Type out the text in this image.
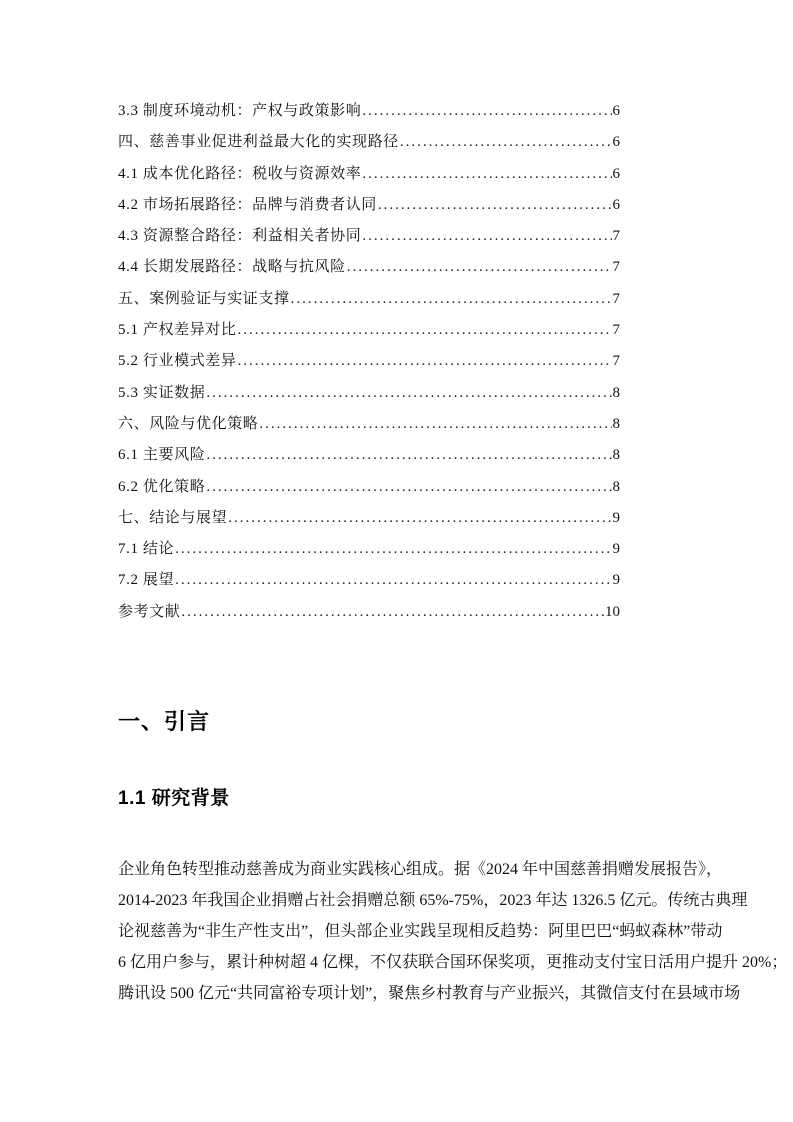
3.3 制度环境动机：产权与政策影响 .....	6
四、慈善事业促进利益最大化的实现路径 .....	6
4.1 成本优化路径：税收与资源效率 .....	6
4.2 市场拓展路径：品牌与消费者认同 .....	6
4.3 资源整合路径：利益相关者协同 .....	7
4.4 长期发展路径：战略与抗风险 .....	7
五、案例验证与实证支撑 .....	7
5.1 产权差异对比 .....	7
5.2 行业模式差异 .....	7
5.3 实证数据 .....	8
六、风险与优化策略 .....	8
6.1 主要风险 .....	8
6.2 优化策略 .....	8
七、结论与展望 .....	9
7.1 结论 .....	9
7.2 展望 .....	9
参考文献 .....	10
一、引言
1.1 研究背景
企业角色转型推动慈善成为商业实践核心组成。据《2024 年中国慈善捐赠发展报告》，
2014-2023 年我国企业捐赠占社会捐赠总额 65%-75%，2023 年达 1326.5 亿元。传统古典理
论视慈善为“非生产性支出”，但头部企业实践呈现相反趋势：阿里巴巴“蚂蚁森林”带动
6 亿用户参与，累计种树超 4 亿棵，不仅获联合国环保奖项，更推动支付宝日活用户提升 20%；
腾讯设 500 亿元“共同富裕专项计划”，聚焦乡村教育与产业振兴，其微信支付在县域市场
